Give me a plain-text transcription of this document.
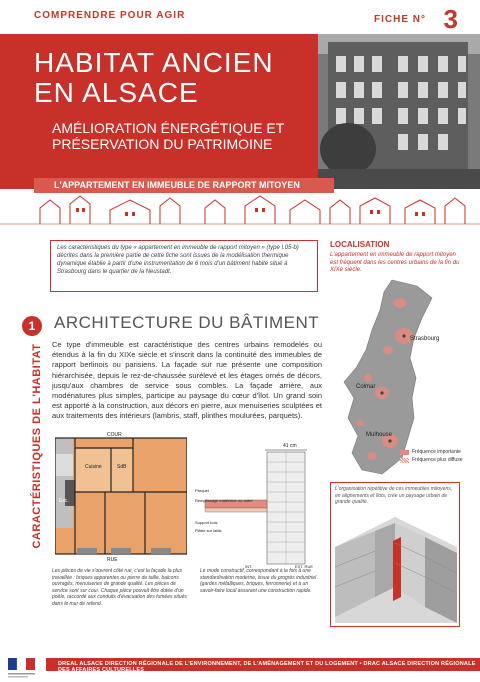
COMPRENDRE POUR AGIR	FICHE N° 3
HABITAT ANCIEN
EN ALSACE
AMÉLIORATION ÉNERGÉTIQUE ET
PRÉSERVATION DU PATRIMOINE
L'APPARTEMENT EN IMMEUBLE DE RAPPORT MITOYEN
Les caractéristiques du type « appartement en immeuble de rapport mitoyen » (type I.05-b) décrites dans la première partie de cette fiche sont issues de la modélisation thermique dynamique établie à partir d'une instrumentation de 6 mois d'un bâtiment habité situé à Strasbourg dans le quartier de la Neustadt.
1	ARCHITECTURE DU BÂTIMENT
CARACTÉRISTIQUES DE L'HABITAT Ce type d'immeuble est caractéristique des centres urbains remodelés ou étendus à la fin du XIXe siècle et s'inscrit dans la continuité des immeubles de rapport berlinois ou parisiens. La façade sur rue présente une composition hiérarchisée, depuis le rez-de-chaussée surélevé et les étages ornés de décors, jusqu'aux chambres de service sous combles. La façade arrière, aux modénatures plus simples, participe au paysage du cœur d'îlot. Un grand soin est apporté à la construction, aux décors en pierre, aux menuiseries sculptées et aux traitements des intérieurs (lambris, staff, plinthes moulurées, parquets).
LOCALISATION
L'appartement en immeuble de rapport mitoyen est fréquent dans les centres urbains de la fin du XIXe siècle.
Strasbourg
Colmar
Mulhouse
Fréquence importante
Fréquence plus diffuse
COUR
Cuisine	SdB
Esc.
RUE
41 cm
Parquet
Remplissage matériaux ou autre
Support bois
Plâtre sur lattis
INT.	EXT. RUE
Les pièces de vie s'ouvrent côté rue, c'est la façade la plus travaillée : briques apparentes ou pierre de taille, balcons ouvragés, menuiseries de grande qualité. Les pièces de service sont sur cour. Chaque pièce pouvait être dotée d'un poêle, raccordé aux conduits d'évacuation des fumées situés dans le mur de refend.
Le mode constructif, correspondant à la fois à une standardisation moderne, issue du progrès industriel (gardes métalliques, briques, ferronnerie) et à un savoir-faire local assurant une construction rapide.
L'organisation répétitive de ces immeubles mitoyens, en alignements et îlots, crée un paysage urbain de grande qualité.
DREAL ALSACE DIRECTION RÉGIONALE DE L'ENVIRONNEMENT, DE L'AMÉNAGEMENT ET DU LOGEMENT • DRAC ALSACE DIRECTION RÉGIONALE DES AFFAIRES CULTURELLES
